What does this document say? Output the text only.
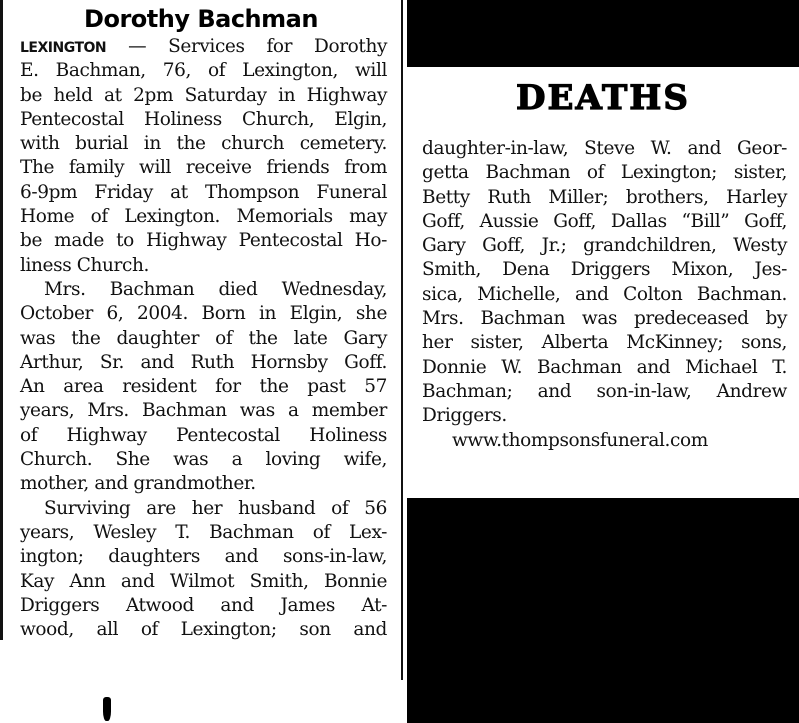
Dorothy Bachman
DEATHS
LEXINGTON — Services for Dorothy
E. Bachman, 76, of Lexington, will
be held at 2pm Saturday in Highway
Pentecostal Holiness Church, Elgin,
with burial in the church cemetery.
The family will receive friends from
6-9pm Friday at Thompson Funeral
Home of Lexington. Memorials may
be made to Highway Pentecostal Ho-
liness Church.
Mrs. Bachman died Wednesday,
October 6, 2004. Born in Elgin, she
was the daughter of the late Gary
Arthur, Sr. and Ruth Hornsby Goff.
An area resident for the past 57
years, Mrs. Bachman was a member
of Highway Pentecostal Holiness
Church. She was a loving wife,
mother, and grandmother.
Surviving are her husband of 56
years, Wesley T. Bachman of Lex-
ington; daughters and sons-in-law,
Kay Ann and Wilmot Smith, Bonnie
Driggers Atwood and James At-
wood, all of Lexington; son and
daughter-in-law, Steve W. and Geor-
getta Bachman of Lexington; sister,
Betty Ruth Miller; brothers, Harley
Goff, Aussie Goff, Dallas “Bill” Goff,
Gary Goff, Jr.; grandchildren, Westy
Smith, Dena Driggers Mixon, Jes-
sica, Michelle, and Colton Bachman.
Mrs. Bachman was predeceased by
her sister, Alberta McKinney; sons,
Donnie W. Bachman and Michael T.
Bachman; and son-in-law, Andrew
Driggers.
www.thompsonsfuneral.com
